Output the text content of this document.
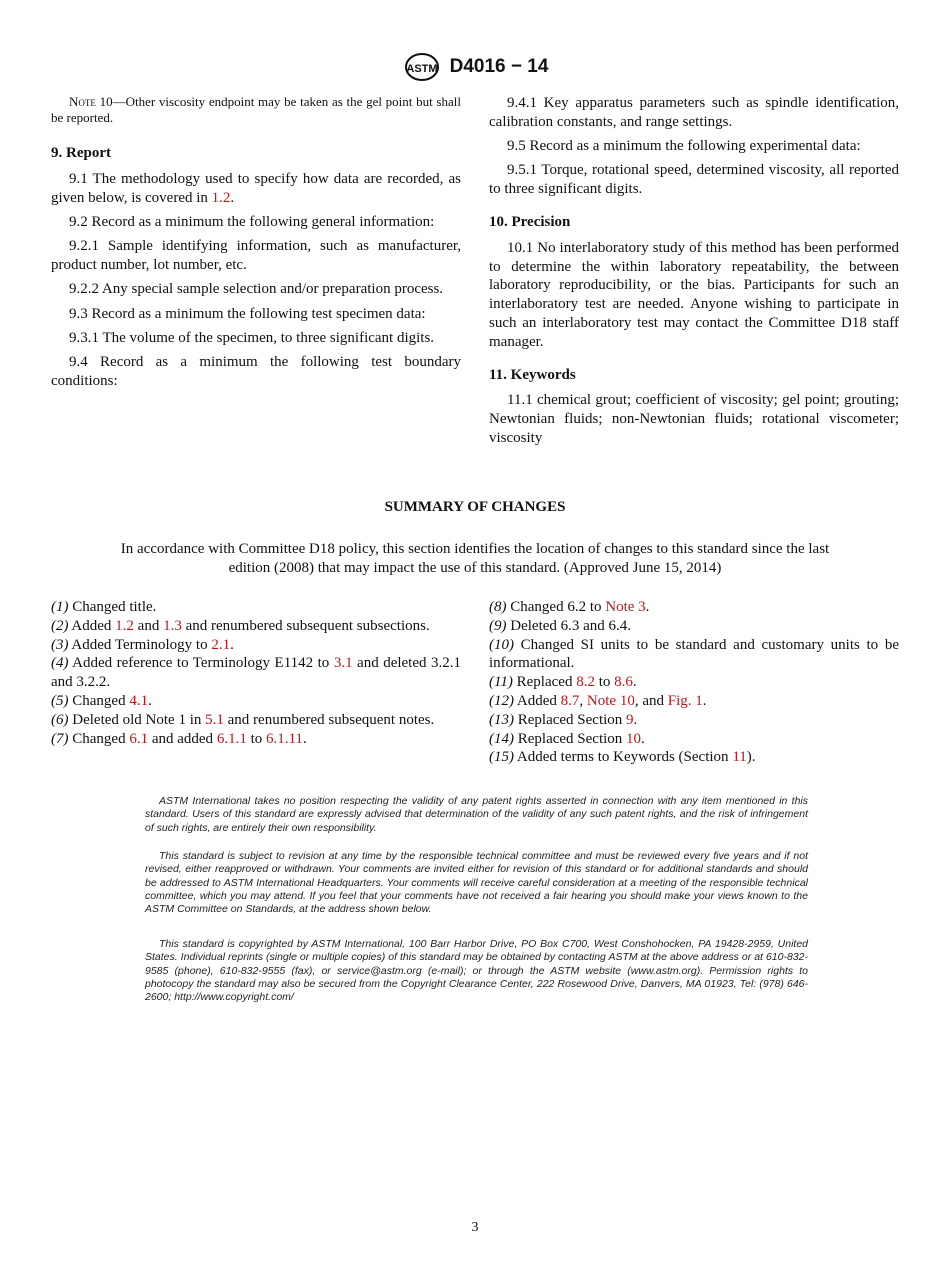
ASTM D4016 − 14

Note 10—Other viscosity endpoint may be taken as the gel point but shall be reported.

9. Report

9.1 The methodology used to specify how data are recorded, as given below, is covered in 1.2.

9.2 Record as a minimum the following general information:

9.2.1 Sample identifying information, such as manufacturer, product number, lot number, etc.

9.2.2 Any special sample selection and/or preparation process.

9.3 Record as a minimum the following test specimen data:

9.3.1 The volume of the specimen, to three significant digits.

9.4 Record as a minimum the following test boundary conditions:

9.4.1 Key apparatus parameters such as spindle identification, calibration constants, and range settings.

9.5 Record as a minimum the following experimental data:

9.5.1 Torque, rotational speed, determined viscosity, all reported to three significant digits.

10. Precision

10.1 No interlaboratory study of this method has been performed to determine the within laboratory repeatability, the between laboratory reproducibility, or the bias. Participants for such an interlaboratory test are needed. Anyone wishing to participate in such an interlaboratory test may contact the Committee D18 staff manager.

11. Keywords

11.1 chemical grout; coefficient of viscosity; gel point; grouting; Newtonian fluids; non-Newtonian fluids; rotational viscometer; viscosity

SUMMARY OF CHANGES
In accordance with Committee D18 policy, this section identifies the location of changes to this standard since the last edition (2008) that may impact the use of this standard. (Approved June 15, 2014)
(1) Changed title.
(2) Added 1.2 and 1.3 and renumbered subsequent subsections.
(3) Added Terminology to 2.1.
(4) Added reference to Terminology E1142 to 3.1 and deleted 3.2.1 and 3.2.2.
(5) Changed 4.1.
(6) Deleted old Note 1 in 5.1 and renumbered subsequent notes.
(7) Changed 6.1 and added 6.1.1 to 6.1.11.
(8) Changed 6.2 to Note 3.
(9) Deleted 6.3 and 6.4.
(10) Changed SI units to be standard and customary units to be informational.
(11) Replaced 8.2 to 8.6.
(12) Added 8.7, Note 10, and Fig. 1.
(13) Replaced Section 9.
(14) Replaced Section 10.
(15) Added terms to Keywords (Section 11).

ASTM International takes no position respecting the validity of any patent rights asserted in connection with any item mentioned in this standard. Users of this standard are expressly advised that determination of the validity of any such patent rights, and the risk of infringement of such rights, are entirely their own responsibility.

This standard is subject to revision at any time by the responsible technical committee and must be reviewed every five years and if not revised, either reapproved or withdrawn. Your comments are invited either for revision of this standard or for additional standards and should be addressed to ASTM International Headquarters. Your comments will receive careful consideration at a meeting of the responsible technical committee, which you may attend. If you feel that your comments have not received a fair hearing you should make your views known to the ASTM Committee on Standards, at the address shown below.

This standard is copyrighted by ASTM International, 100 Barr Harbor Drive, PO Box C700, West Conshohocken, PA 19428-2959, United States. Individual reprints (single or multiple copies) of this standard may be obtained by contacting ASTM at the above address or at 610-832-9585 (phone), 610-832-9555 (fax), or service@astm.org (e-mail); or through the ASTM website (www.astm.org). Permission rights to photocopy the standard may also be secured from the Copyright Clearance Center, 222 Rosewood Drive, Danvers, MA 01923, Tel: (978) 646-2600; http://www.copyright.com/

3
